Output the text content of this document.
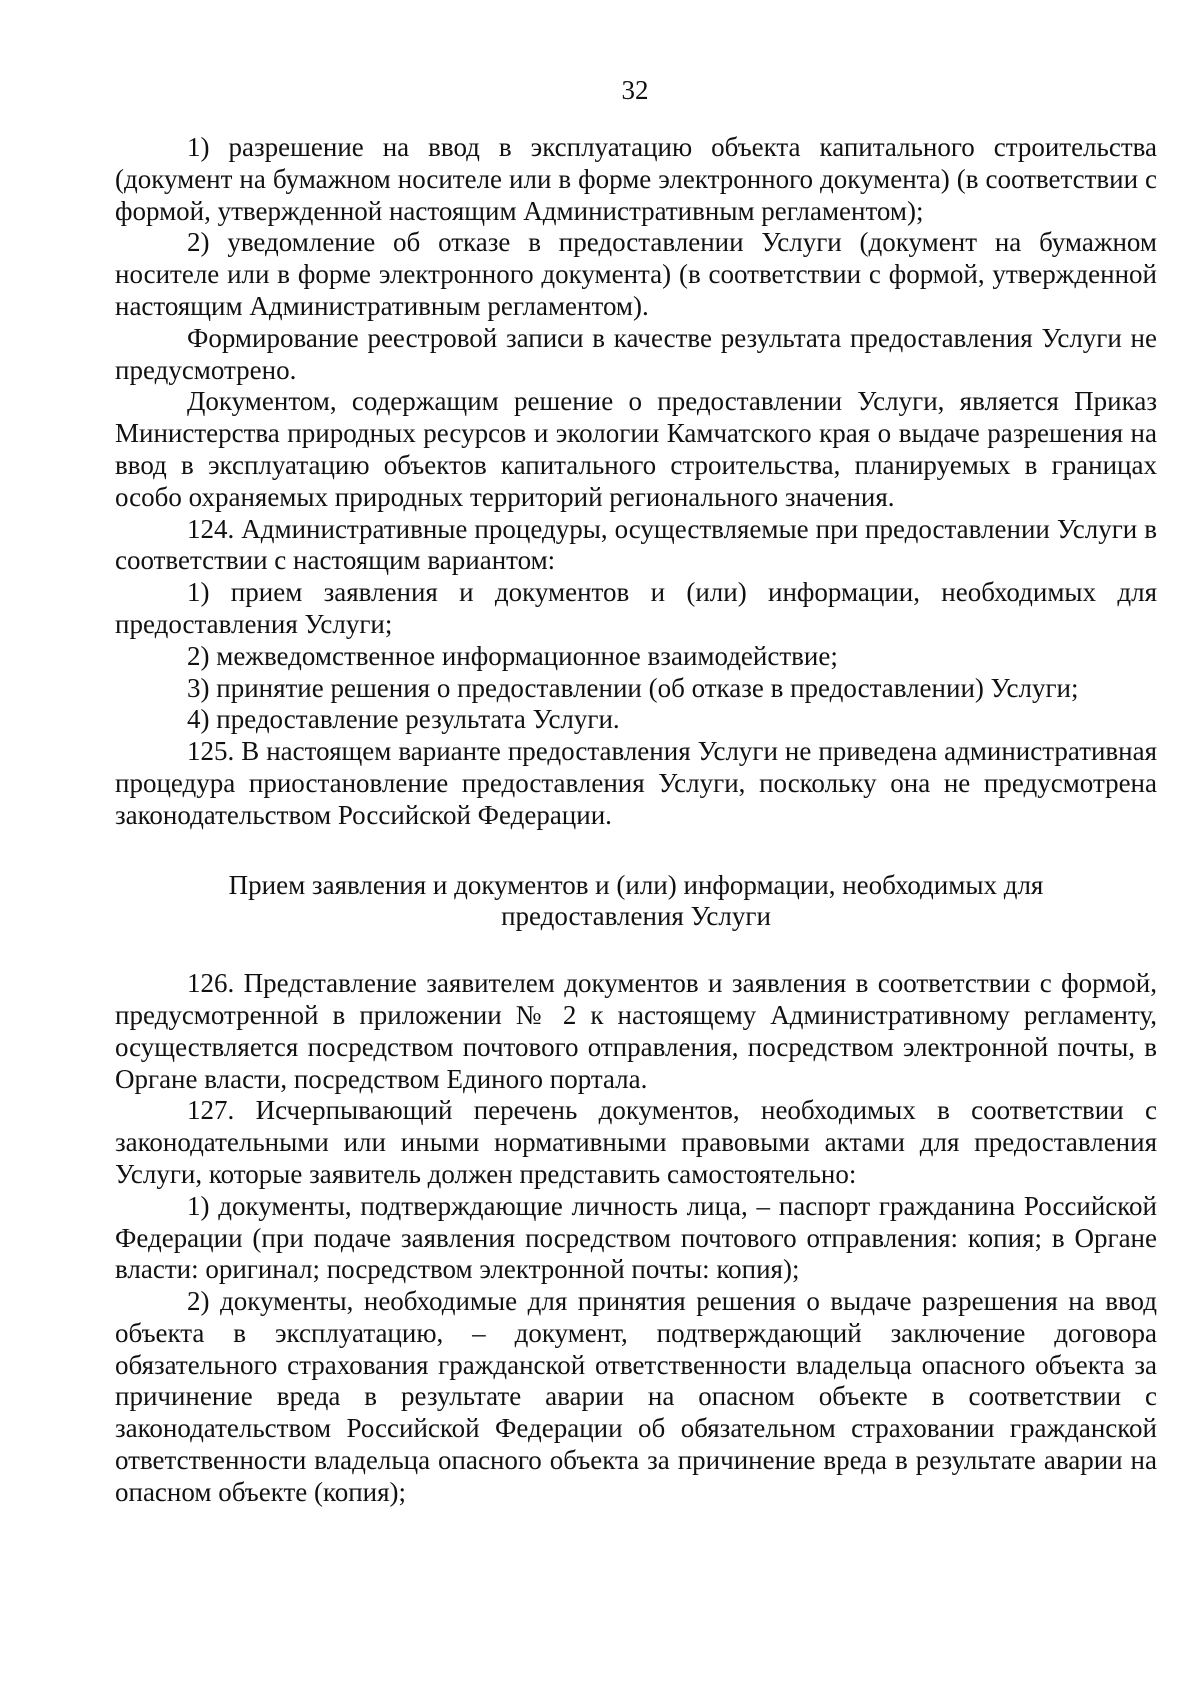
32

1) разрешение на ввод в эксплуатацию объекта капитального строительства (документ на бумажном носителе или в форме электронного документа) (в соответствии с формой, утвержденной настоящим Административным регламентом);

2) уведомление об отказе в предоставлении Услуги (документ на бумажном носителе или в форме электронного документа) (в соответствии с формой, утвержденной настоящим Административным регламентом).

Формирование реестровой записи в качестве результата предоставления Услуги не предусмотрено.

Документом, содержащим решение о предоставлении Услуги, является Приказ Министерства природных ресурсов и экологии Камчатского края о выдаче разрешения на ввод в эксплуатацию объектов капитального строительства, планируемых в границах особо охраняемых природных территорий регионального значения.

124. Административные процедуры, осуществляемые при предоставлении Услуги в соответствии с настоящим вариантом:

1) прием заявления и документов и (или) информации, необходимых для предоставления Услуги;

2) межведомственное информационное взаимодействие;

3) принятие решения о предоставлении (об отказе в предоставлении) Услуги;

4) предоставление результата Услуги.

125. В настоящем варианте предоставления Услуги не приведена административная процедура приостановление предоставления Услуги, поскольку она не предусмотрена законодательством Российской Федерации.

Прием заявления и документов и (или) информации, необходимых для
предоставления Услуги

126. Представление заявителем документов и заявления в соответствии с формой, предусмотренной в приложении № 2 к настоящему Административному регламенту, осуществляется посредством почтового отправления, посредством электронной почты, в Органе власти, посредством Единого портала.

127. Исчерпывающий перечень документов, необходимых в соответствии с законодательными или иными нормативными правовыми актами для предоставления Услуги, которые заявитель должен представить самостоятельно:

1) документы, подтверждающие личность лица, – паспорт гражданина Российской Федерации (при подаче заявления посредством почтового отправления: копия; в Органе власти: оригинал; посредством электронной почты: копия);

2) документы, необходимые для принятия решения о выдаче разрешения на ввод объекта в эксплуатацию, – документ, подтверждающий заключение договора обязательного страхования гражданской ответственности владельца опасного объекта за причинение вреда в результате аварии на опасном объекте в соответствии с законодательством Российской Федерации об обязательном страховании гражданской ответственности владельца опасного объекта за причинение вреда в результате аварии на опасном объекте (копия);
